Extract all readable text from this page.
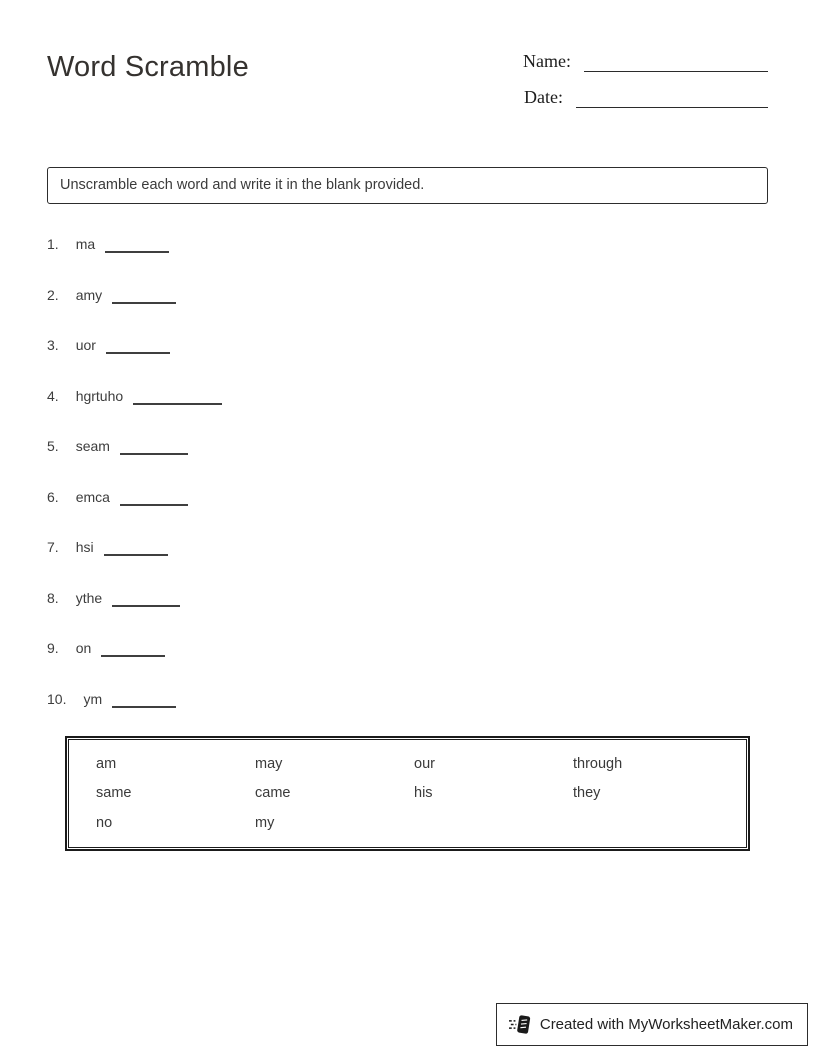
Word Scramble	Name:
Date:
Unscramble each word and write it in the blank provided.
1. ma
2. amy
3. uor
4. hgrtuho
5. seam
6. emca
7. hsi
8. ythe
9. on
10. ym
am	may	our	through
same	came	his	they
no	my
Created with MyWorksheetMaker.com
